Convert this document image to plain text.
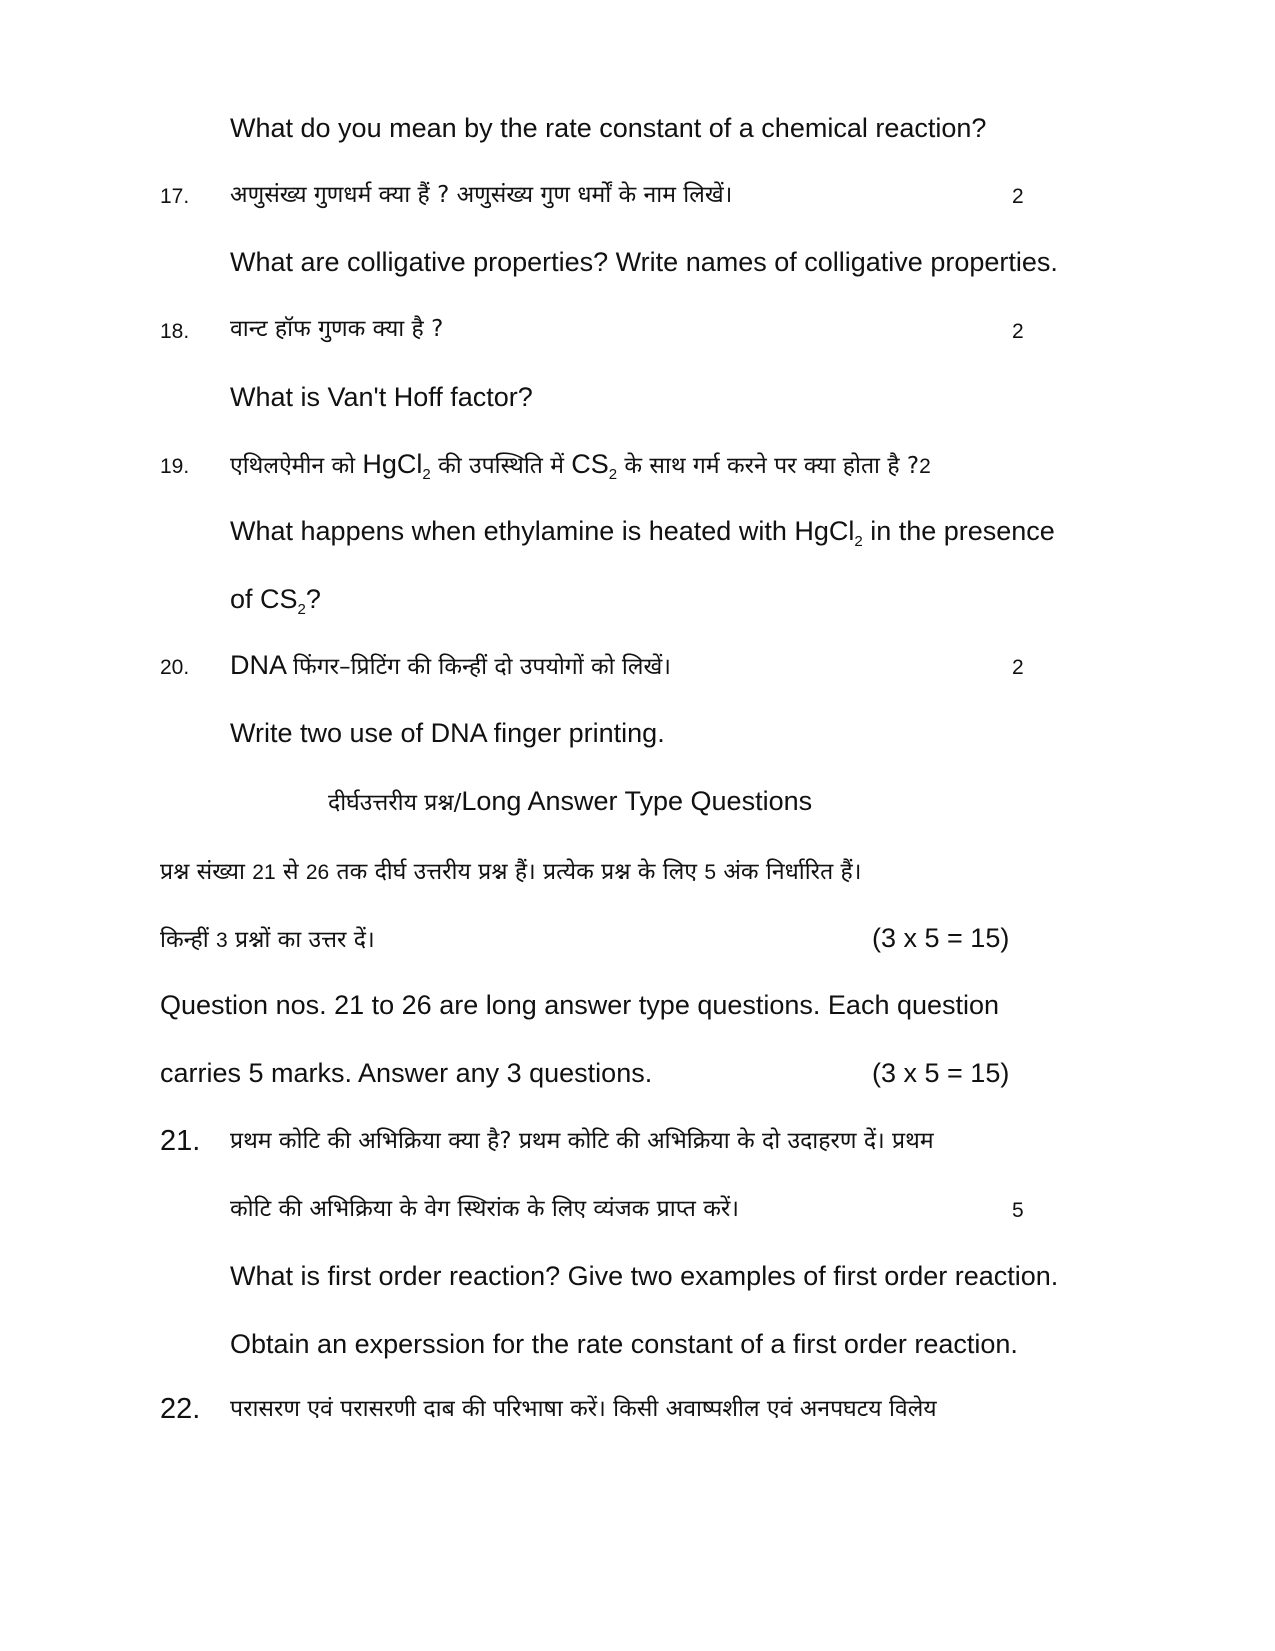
What do you mean by the rate constant of a chemical reaction?
17. अणुसंख्य गुणधर्म क्या हैं ? अणुसंख्य गुण धर्मों के नाम लिखें।	2
What are colligative properties? Write names of colligative properties.
18. वान्ट हॉफ गुणक क्या है ?	2
What is Van't Hoff factor?
19. एथिलऐमीन को HgCl$_2$ की उपस्थिति में $CS_2$ के साथ गर्म करने पर क्या होता है ?2
What happens when ethylamine is heated with HgCl$_2$ in the presence
of $CS_2$?
20. DNA फिंगर–प्रिटिंग की किन्हीं दो उपयोगों को लिखें।	2
Write two use of DNA finger printing.
दीर्घउत्तरीय प्रश्न/Long Answer Type Questions
प्रश्न संख्या 21 से 26 तक दीर्घ उत्तरीय प्रश्न हैं। प्रत्येक प्रश्न के लिए 5 अंक निर्धारित हैं।
किन्हीं 3 प्रश्नों का उत्तर दें।	(3 x 5 = 15)
Question nos. 21 to 26 are long answer type questions. Each question
carries 5 marks. Answer any 3 questions.	(3 x 5 = 15)
21. प्रथम कोटि की अभिक्रिया क्या है? प्रथम कोटि की अभिक्रिया के दो उदाहरण दें। प्रथम
कोटि की अभिक्रिया के वेग स्थिरांक के लिए व्यंजक प्राप्त करें।	5
What is first order reaction? Give two examples of first order reaction.
Obtain an experssion for the rate constant of a first order reaction.
22. परासरण एवं परासरणी दाब की परिभाषा करें। किसी अवाष्पशील एवं अनपघटय विलेय
